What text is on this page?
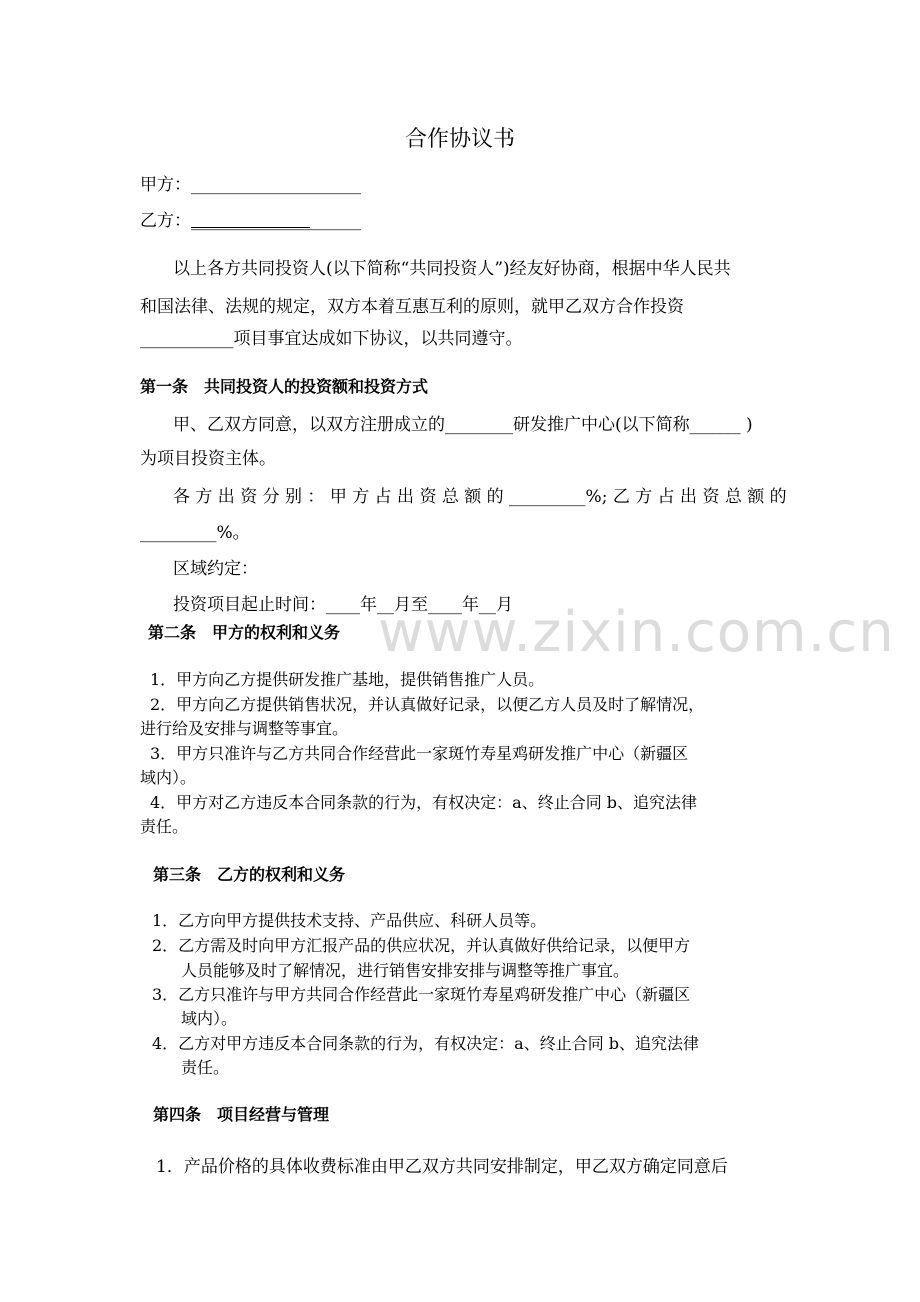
合作协议书
甲方：____________________
乙方：____________________
以上各方共同投资人(以下简称“共同投资人”)经友好协商，根据中华人民共
和国法律、法规的规定，双方本着互惠互利的原则，就甲乙双方合作投资
___________项目事宜达成如下协议，以共同遵守。
第一条　共同投资人的投资额和投资方式
甲、乙双方同意，以双方注册成立的________研发推广中心(以下简称______ )
为项目投资主体。
各 方 出 资 分 别 ： 甲 方 占 出 资 总 额 的 _________%; 乙 方 占 出 资 总 额 的
_________%。
区域约定：
投资项目起止时间：____年__月至____年__月
www.zixin.com.cn
第二条　甲方的权利和义务
1．甲方向乙方提供研发推广基地，提供销售推广人员。
2．甲方向乙方提供销售状况，并认真做好记录，以便乙方人员及时了解情况，
进行给及安排与调整等事宜。
3．甲方只准许与乙方共同合作经营此一家斑竹寿星鸡研发推广中心（新疆区
域内）。
4．甲方对乙方违反本合同条款的行为，有权决定：a、终止合同 b、追究法律
责任。
第三条　乙方的权利和义务
1．乙方向甲方提供技术支持、产品供应、科研人员等。
2．乙方需及时向甲方汇报产品的供应状况，并认真做好供给记录，以便甲方
人员能够及时了解情况，进行销售安排安排与调整等推广事宜。
3．乙方只准许与甲方共同合作经营此一家斑竹寿星鸡研发推广中心（新疆区
域内）。
4．乙方对甲方违反本合同条款的行为，有权决定：a、终止合同 b、追究法律
责任。
第四条　项目经营与管理
1．产品价格的具体收费标准由甲乙双方共同安排制定，甲乙双方确定同意后
